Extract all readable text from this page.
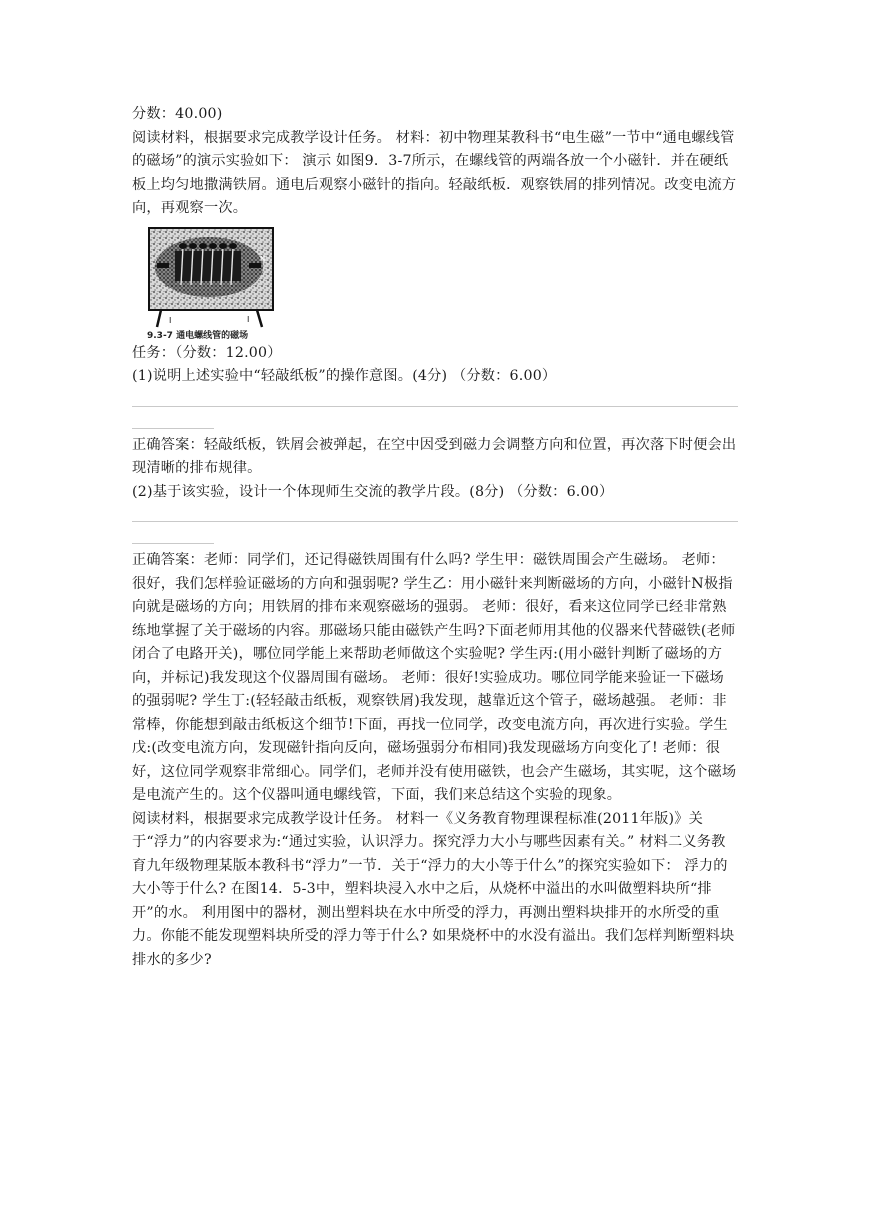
分数：40.00)

阅读材料，根据要求完成教学设计任务。 材料：初中物理某教科书“电生磁”一节中“通电螺线管的磁场”的演示实验如下： 演示 如图9．3-7所示，在螺线管的两端各放一个小磁针．并在硬纸板上均匀地撒满铁屑。通电后观察小磁针的指向。轻敲纸板．观察铁屑的排列情况。改变电流方向，再观察一次。

N
I	I
9.3-7 通电螺线管的磁场

任务：（分数：12.00）

(1)说明上述实验中“轻敲纸板”的操作意图。(4分) （分数：6.00）

正确答案：轻敲纸板，铁屑会被弹起，在空中因受到磁力会调整方向和位置，再次落下时便会出现清晰的排布规律。

(2)基于该实验，设计一个体现师生交流的教学片段。(8分) （分数：6.00）

正确答案：老师：同学们，还记得磁铁周围有什么吗? 学生甲：磁铁周围会产生磁场。 老师：很好，我们怎样验证磁场的方向和强弱呢? 学生乙：用小磁针来判断磁场的方向，小磁针N极指向就是磁场的方向；用铁屑的排布来观察磁场的强弱。 老师：很好，看来这位同学已经非常熟练地掌握了关于磁场的内容。那磁场只能由磁铁产生吗?下面老师用其他的仪器来代替磁铁(老师闭合了电路开关)，哪位同学能上来帮助老师做这个实验呢? 学生丙:(用小磁针判断了磁场的方向，并标记)我发现这个仪器周围有磁场。 老师：很好!实验成功。哪位同学能来验证一下磁场的强弱呢? 学生丁:(轻轻敲击纸板，观察铁屑)我发现，越靠近这个管子，磁场越强。 老师：非常棒，你能想到敲击纸板这个细节!下面，再找一位同学，改变电流方向，再次进行实验。学生戊:(改变电流方向，发现磁针指向反向，磁场强弱分布相同)我发现磁场方向变化了! 老师：很好，这位同学观察非常细心。同学们，老师并没有使用磁铁，也会产生磁场，其实呢，这个磁场是电流产生的。这个仪器叫通电螺线管，下面，我们来总结这个实验的现象。

阅读材料，根据要求完成教学设计任务。 材料一《义务教育物理课程标准(2011年版)》关于“浮力”的内容要求为:“通过实验，认识浮力。探究浮力大小与哪些因素有关。” 材料二义务教育九年级物理某版本教科书“浮力”一节．关于“浮力的大小等于什么”的探究实验如下： 浮力的大小等于什么? 在图14．5-3中，塑料块浸入水中之后，从烧杯中溢出的水叫做塑料块所“排开”的水。 利用图中的器材，测出塑料块在水中所受的浮力，再测出塑料块排开的水所受的重力。你能不能发现塑料块所受的浮力等于什么? 如果烧杯中的水没有溢出。我们怎样判断塑料块排水的多少?
